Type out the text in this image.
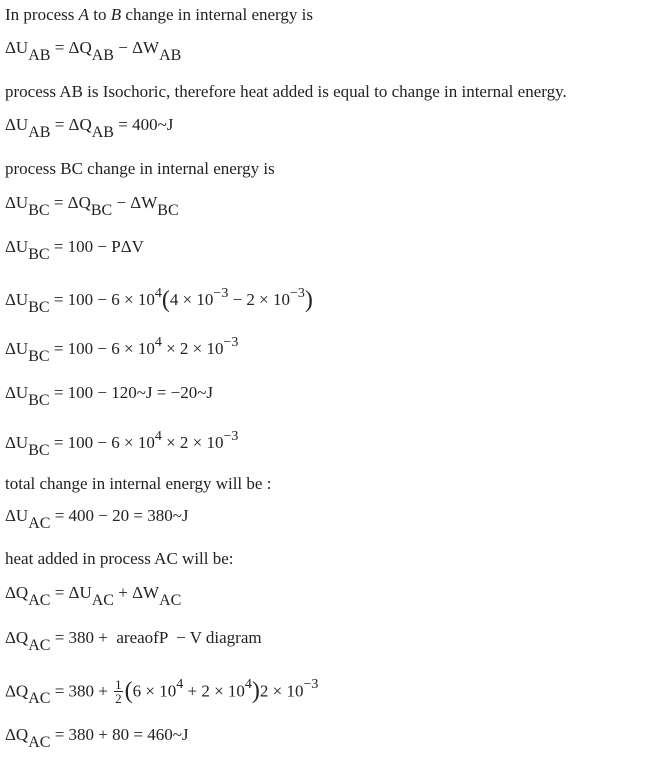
In process A to B change in internal energy is
ΔUAB = ΔQAB − ΔWAB
process AB is Isochoric, therefore heat added is equal to change in internal energy.
ΔUAB = ΔQAB = 400~J
process BC change in internal energy is
ΔUBC = ΔQBC − ΔWBC
ΔUBC = 100 − PΔV
$\Delta UBC = 100 - 6 \times 10^4(4 \times 10^{-3} - 2 \times 10^{-3})$
$\Delta UBC = 100 - 6 \times 10^4 \times 2 \times 10^{-3}$
ΔUBC = 100 − 120~J = −20~J
$\Delta UBC = 100 - 6 \times 10^4 \times 2 \times 10^{-3}$
total change in internal energy will be :
ΔUAC = 400 − 20 = 380~J
heat added in process AC will be:
ΔQAC = ΔUAC + ΔWAC
ΔQAC = 380 +  areaofP  − V diagram
$\Delta QAC = 380 + \frac{1}{2} (6 \times 10^4 + 2 \times 10^4)2 \times 10^{-3}$
ΔQAC = 380 + 80 = 460~J
